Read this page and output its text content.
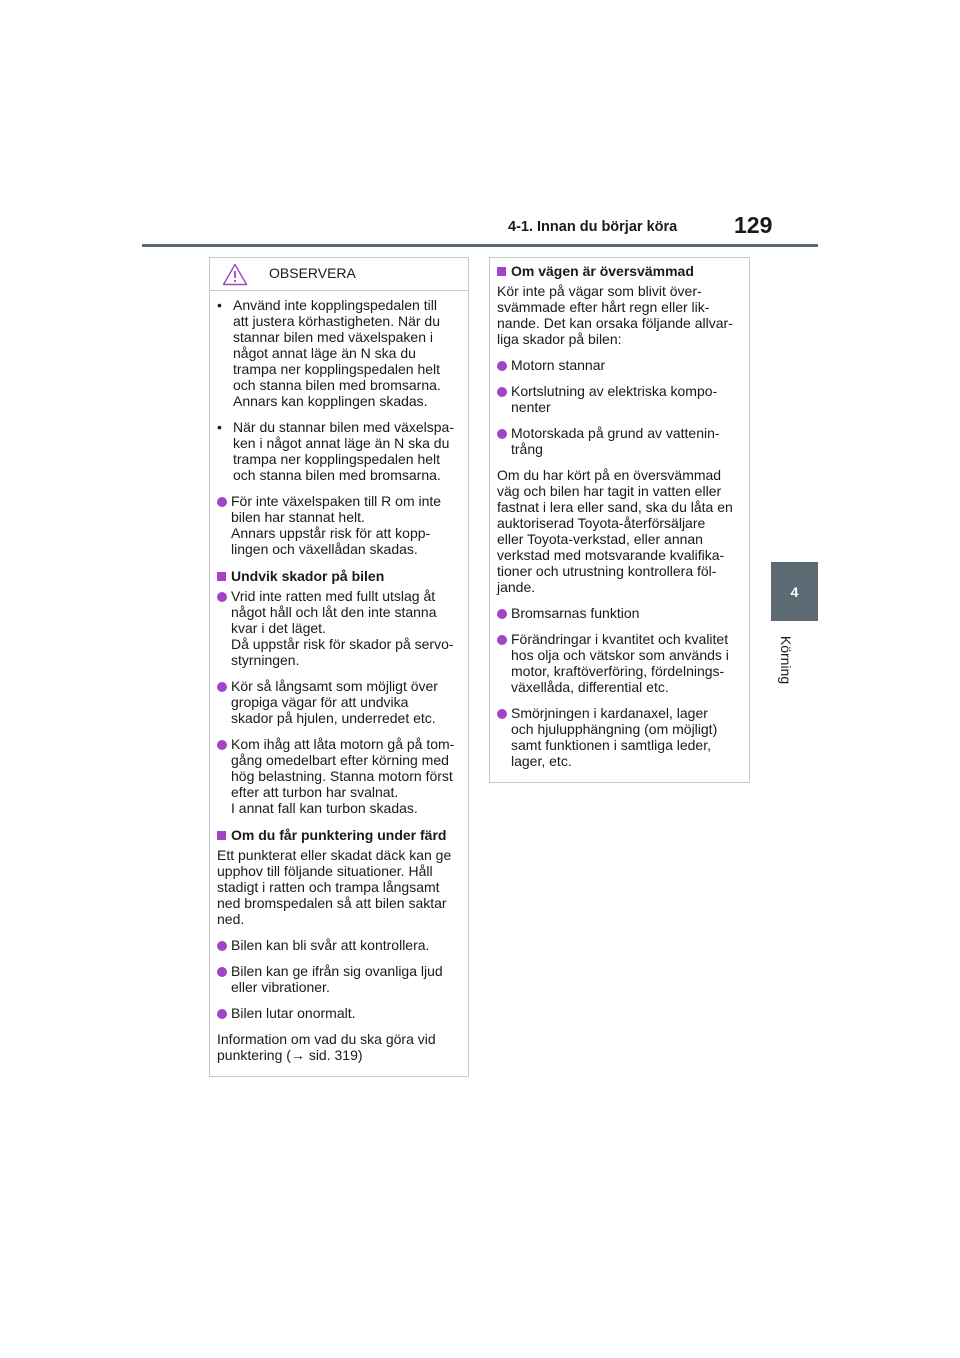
4-1. Innan du börjar köra 129
4
Körning
OBSERVERA
• Använd inte kopplingspedalen till
att justera körhastigheten. När du
stannar bilen med växelspaken i
något annat läge än N ska du
trampa ner kopplingspedalen helt
och stanna bilen med bromsarna.
Annars kan kopplingen skadas.
• När du stannar bilen med växelspa-
ken i något annat läge än N ska du
trampa ner kopplingspedalen helt
och stanna bilen med bromsarna.
För inte växelspaken till R om inte
bilen har stannat helt.
Annars uppstår risk för att kopp-
lingen och växellådan skadas.
Undvik skador på bilen
Vrid inte ratten med fullt utslag åt
något håll och låt den inte stanna
kvar i det läget.
Då uppstår risk för skador på servo-
styrningen.
Kör så långsamt som möjligt över
gropiga vägar för att undvika
skador på hjulen, underredet etc.
Kom ihåg att låta motorn gå på tom-
gång omedelbart efter körning med
hög belastning. Stanna motorn först
efter att turbon har svalnat.
I annat fall kan turbon skadas.
Om du får punktering under färd
Ett punkterat eller skadat däck kan ge
upphov till följande situationer. Håll
stadigt i ratten och trampa långsamt
ned bromspedalen så att bilen saktar
ned.
Bilen kan bli svår att kontrollera.
Bilen kan ge ifrån sig ovanliga ljud
eller vibrationer.
Bilen lutar onormalt.
Information om vad du ska göra vid
punktering (→ sid. 319)
Om vägen är översvämmad
Kör inte på vägar som blivit över-
svämmade efter hårt regn eller lik-
nande. Det kan orsaka följande allvar-
liga skador på bilen:
Motorn stannar
Kortslutning av elektriska kompo-
nenter
Motorskada på grund av vattenin-
trång
Om du har kört på en översvämmad
väg och bilen har tagit in vatten eller
fastnat i lera eller sand, ska du låta en
auktoriserad Toyota-återförsäljare
eller Toyota-verkstad, eller annan
verkstad med motsvarande kvalifika-
tioner och utrustning kontrollera föl-
jande.
Bromsarnas funktion
Förändringar i kvantitet och kvalitet
hos olja och vätskor som används i
motor, kraftöverföring, fördelnings-
växellåda, differential etc.
Smörjningen i kardanaxel, lager
och hjulupphängning (om möjligt)
samt funktionen i samtliga leder,
lager, etc.
